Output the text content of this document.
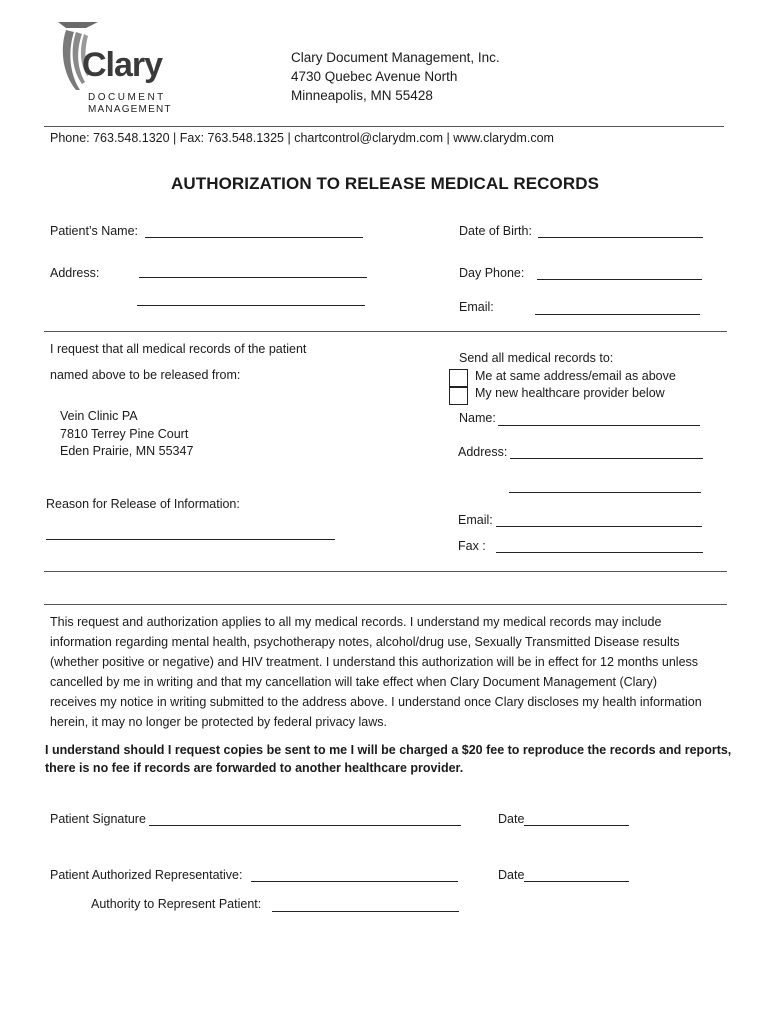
Clary
DOCUMENT
MANAGEMENT
Clary Document Management, Inc.
4730 Quebec Avenue North
Minneapolis, MN 55428
Phone: 763.548.1320 | Fax: 763.548.1325 | chartcontrol@clarydm.com | www.clarydm.com
AUTHORIZATION TO RELEASE MEDICAL RECORDS
Patient’s Name:	Date of Birth:
Address:	Day Phone:
Email:
I request that all medical records of the patient
named above to be released from:
Vein Clinic PA
7810 Terrey Pine Court
Eden Prairie, MN 55347
Reason for Release of Information:
Send all medical records to:
Me at same address/email as above
My new healthcare provider below
Name:
Address:
Email:
Fax :
This request and authorization applies to all my medical records. I understand my medical records may include
information regarding mental health, psychotherapy notes, alcohol/drug use, Sexually Transmitted Disease results
(whether positive or negative) and HIV treatment. I understand this authorization will be in effect for 12 months unless
cancelled by me in writing and that my cancellation will take effect when Clary Document Management (Clary)
receives my notice in writing submitted to the address above. I understand once Clary discloses my health information
herein, it may no longer be protected by federal privacy laws.
I understand should I request copies be sent to me I will be charged a $20 fee to reproduce the records and reports,
there is no fee if records are forwarded to another healthcare provider.
Patient Signature	Date
Patient Authorized Representative:	Date
Authority to Represent Patient:
